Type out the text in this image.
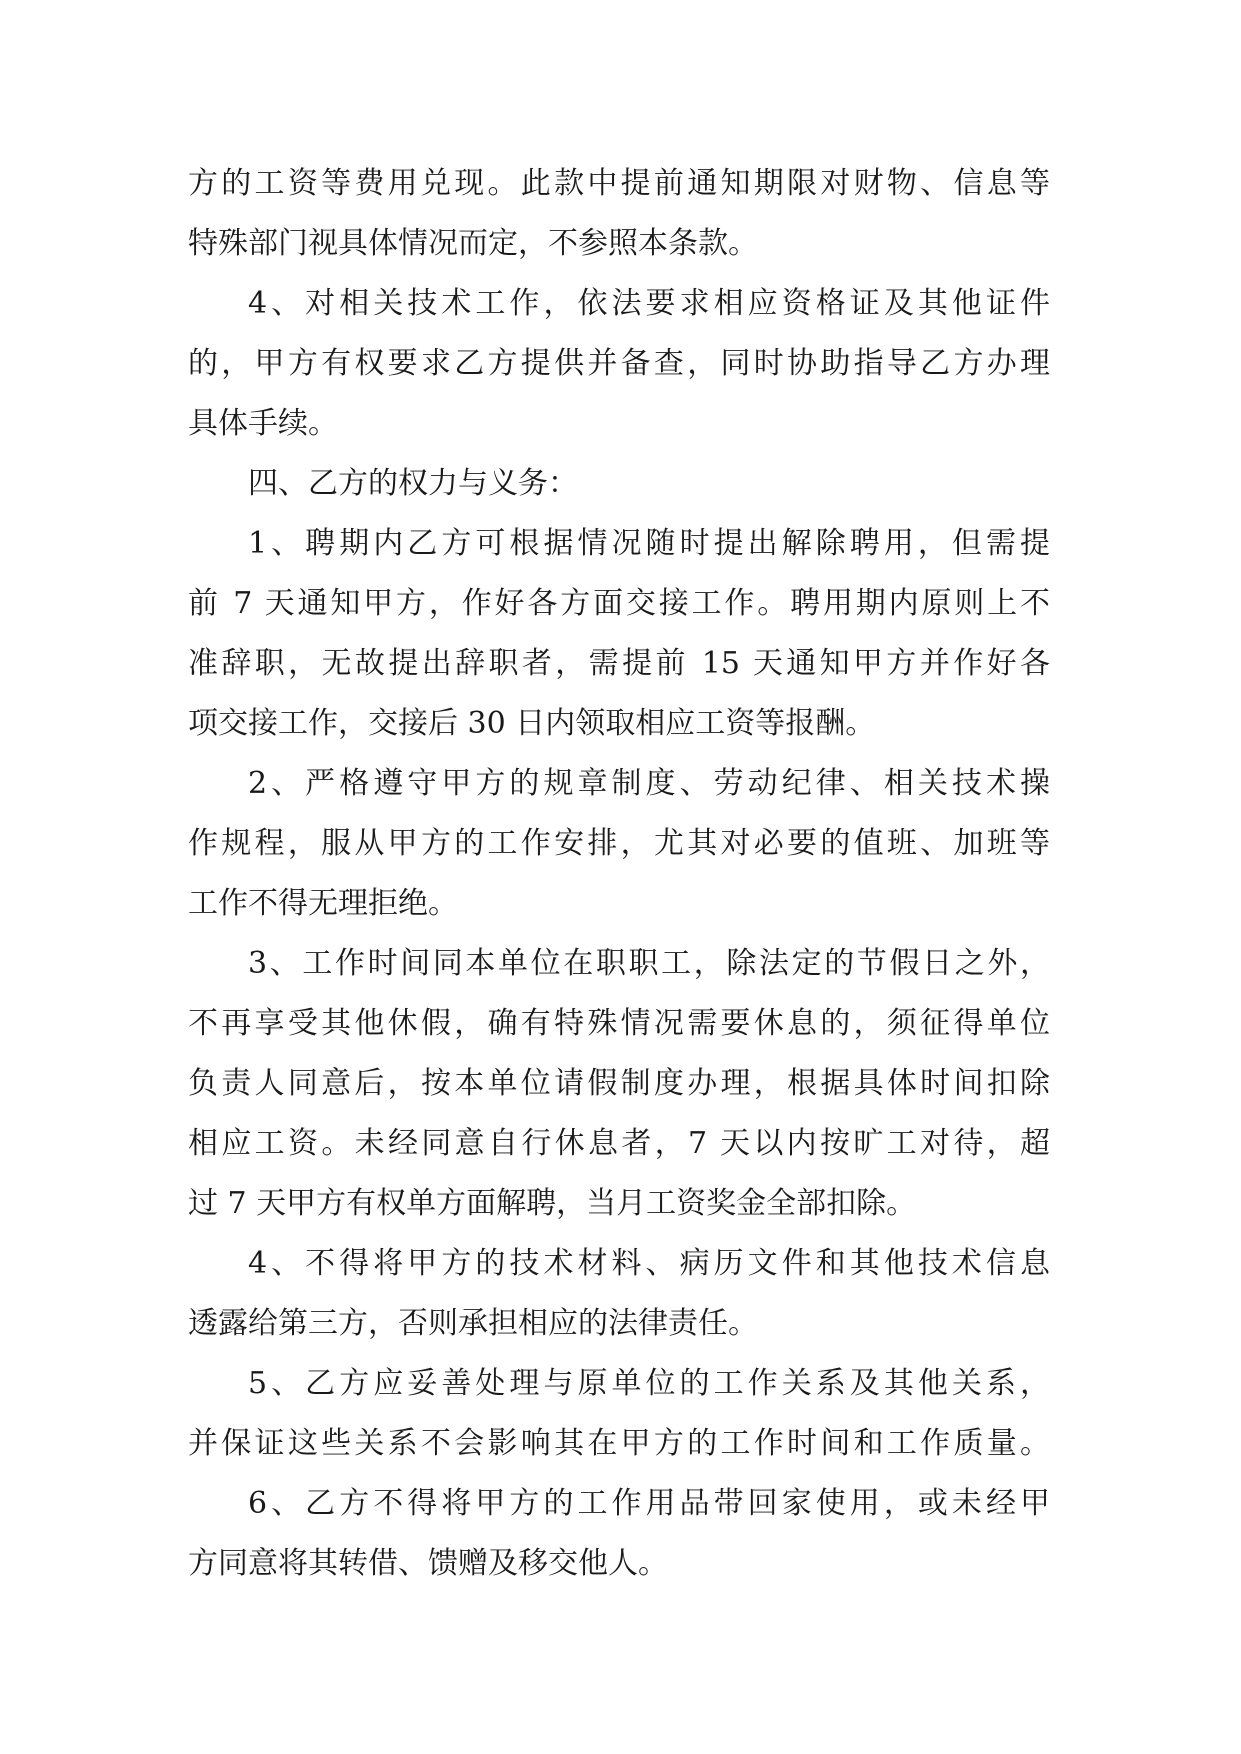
方的工资等费用兑现。此款中提前通知期限对财物、信息等
特殊部门视具体情况而定，不参照本条款。
4、对相关技术工作，依法要求相应资格证及其他证件
的，甲方有权要求乙方提供并备查，同时协助指导乙方办理
具体手续。
四、乙方的权力与义务：
1、聘期内乙方可根据情况随时提出解除聘用，但需提
前 7 天通知甲方，作好各方面交接工作。聘用期内原则上不
准辞职，无故提出辞职者，需提前 15 天通知甲方并作好各
项交接工作，交接后 30 日内领取相应工资等报酬。
2、严格遵守甲方的规章制度、劳动纪律、相关技术操
作规程，服从甲方的工作安排，尤其对必要的值班、加班等
工作不得无理拒绝。
3、工作时间同本单位在职职工，除法定的节假日之外，
不再享受其他休假，确有特殊情况需要休息的，须征得单位
负责人同意后，按本单位请假制度办理，根据具体时间扣除
相应工资。未经同意自行休息者，7 天以内按旷工对待，超
过 7 天甲方有权单方面解聘，当月工资奖金全部扣除。
4、不得将甲方的技术材料、病历文件和其他技术信息
透露给第三方，否则承担相应的法律责任。
5、乙方应妥善处理与原单位的工作关系及其他关系，
并保证这些关系不会影响其在甲方的工作时间和工作质量。
6、乙方不得将甲方的工作用品带回家使用，或未经甲
方同意将其转借、馈赠及移交他人。
